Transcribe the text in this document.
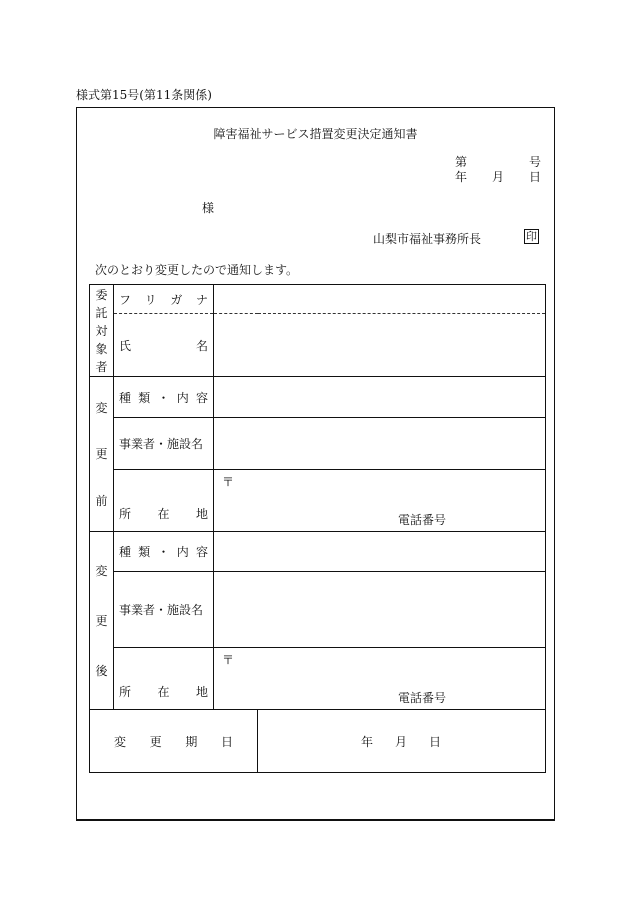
様式第15号(第11条関係)
障害福祉サービス措置変更決定通知書
第	号
年 月 日
様
山梨市福祉事務所長	印
次のとおり変更したので通知します。
委
託
対
象
者	フ リ ガ ナ		

	氏 名		

変
更
前	種 類 ・ 内 容		

	事業者・施設名		

	所 在 地	〒
電話番号	

変
更
後	種 類 ・ 内 容		

	事業者・施設名		

	所 在 地	〒
電話番号	

変 更 期 日			年 月 日
